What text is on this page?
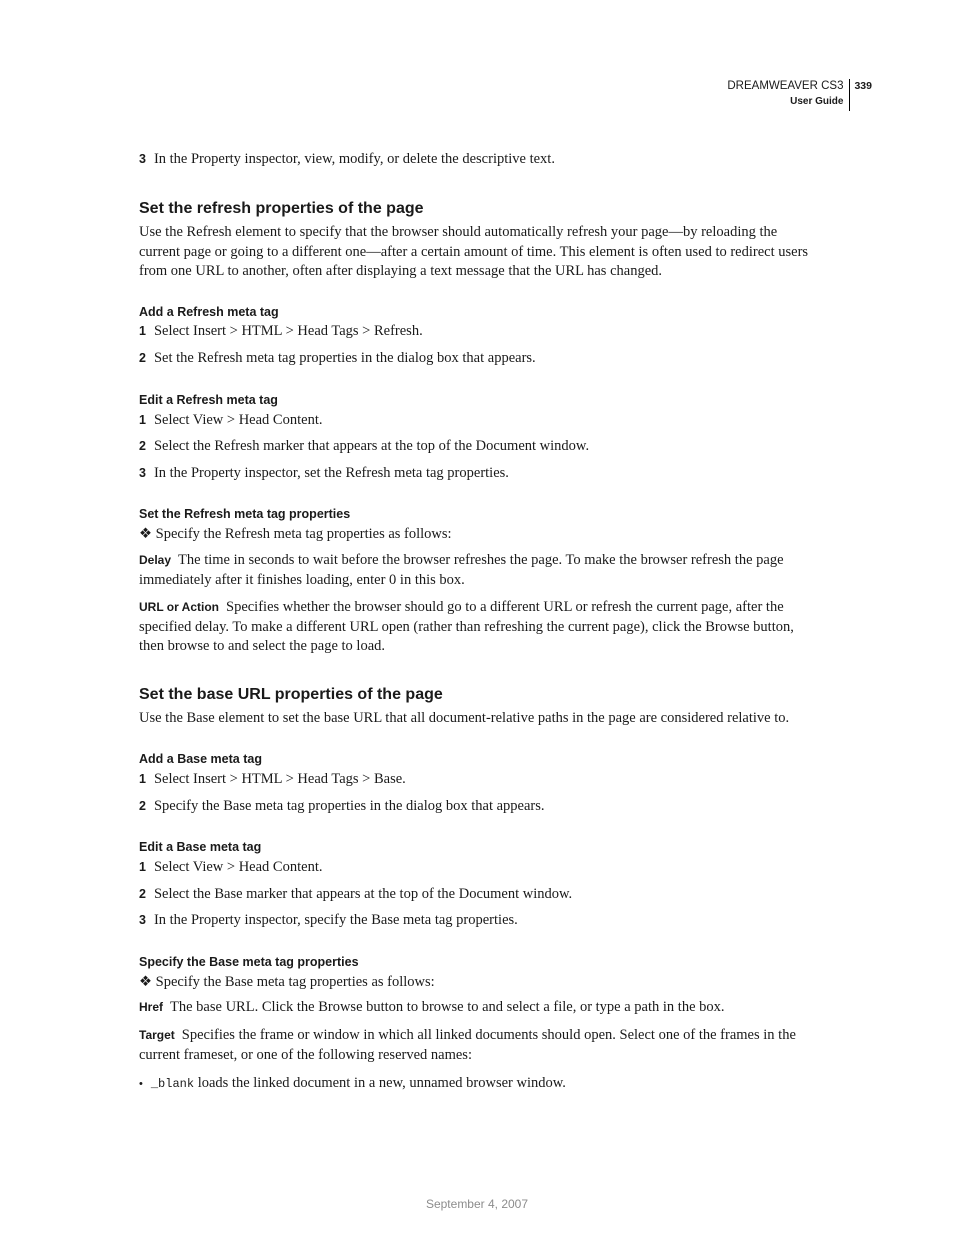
DREAMWEAVER CS3
User Guide
339
3 In the Property inspector, view, modify, or delete the descriptive text.
Set the refresh properties of the page
Use the Refresh element to specify that the browser should automatically refresh your page—by reloading the current page or going to a different one—after a certain amount of time. This element is often used to redirect users from one URL to another, often after displaying a text message that the URL has changed.
Add a Refresh meta tag
1 Select Insert > HTML > Head Tags > Refresh.
2 Set the Refresh meta tag properties in the dialog box that appears.
Edit a Refresh meta tag
1 Select View > Head Content.
2 Select the Refresh marker that appears at the top of the Document window.
3 In the Property inspector, set the Refresh meta tag properties.
Set the Refresh meta tag properties
❖ Specify the Refresh meta tag properties as follows:
Delay The time in seconds to wait before the browser refreshes the page. To make the browser refresh the page immediately after it finishes loading, enter 0 in this box.
URL or Action Specifies whether the browser should go to a different URL or refresh the current page, after the specified delay. To make a different URL open (rather than refreshing the current page), click the Browse button, then browse to and select the page to load.
Set the base URL properties of the page
Use the Base element to set the base URL that all document-relative paths in the page are considered relative to.
Add a Base meta tag
1 Select Insert > HTML > Head Tags > Base.
2 Specify the Base meta tag properties in the dialog box that appears.
Edit a Base meta tag
1 Select View > Head Content.
2 Select the Base marker that appears at the top of the Document window.
3 In the Property inspector, specify the Base meta tag properties.
Specify the Base meta tag properties
❖ Specify the Base meta tag properties as follows:
Href The base URL. Click the Browse button to browse to and select a file, or type a path in the box.
Target Specifies the frame or window in which all linked documents should open. Select one of the frames in the current frameset, or one of the following reserved names:
• _blank loads the linked document in a new, unnamed browser window.
September 4, 2007
